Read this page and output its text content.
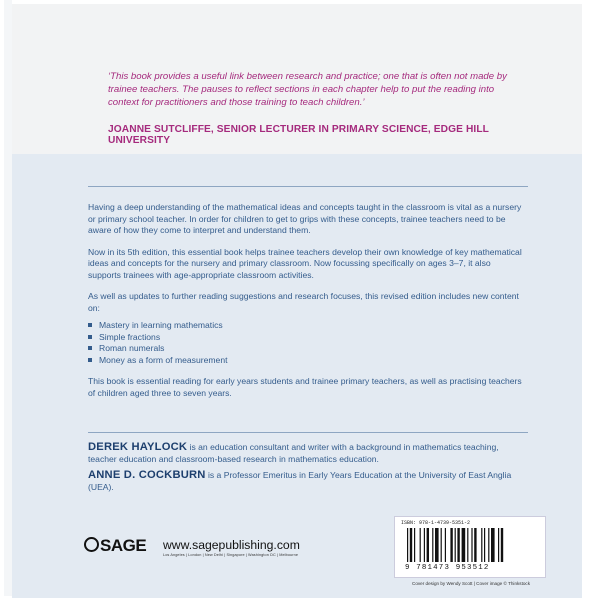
‘This book provides a useful link between research and practice; one that is often not made by trainee teachers. The pauses to reflect sections in each chapter help to put the reading into context for practitioners and those training to teach children.’
JOANNE SUTCLIFFE, SENIOR LECTURER IN PRIMARY SCIENCE, EDGE HILL UNIVERSITY

Having a deep understanding of the mathematical ideas and concepts taught in the classroom is vital as a nursery or primary school teacher. In order for children to get to grips with these concepts, trainee teachers need to be aware of how they come to interpret and understand them.

Now in its 5th edition, this essential book helps trainee teachers develop their own knowledge of key mathematical ideas and concepts for the nursery and primary classroom. Now focussing specifically on ages 3–7, it also supports trainees with age-appropriate classroom activities.

As well as updates to further reading suggestions and research focuses, this revised edition includes new content on:

Mastery in learning mathematics
Simple fractions
Roman numerals
Money as a form of measurement

This book is essential reading for early years students and trainee primary teachers, as well as practising teachers of children aged three to seven years.

DEREK HAYLOCK is an education consultant and writer with a background in mathematics teaching, teacher education and classroom-based research in mathematics education.
ANNE D. COCKBURN is a Professor Emeritus in Early Years Education at the University of East Anglia (UEA).
SAGE www.sagepublishing.com
Los Angeles | London | New Delhi | Singapore | Washington DC | Melbourne
ISBN: 978-1-4739-5351-2
9 781473 953512
Cover design by Wendy Scott | Cover image © Thinkstock
